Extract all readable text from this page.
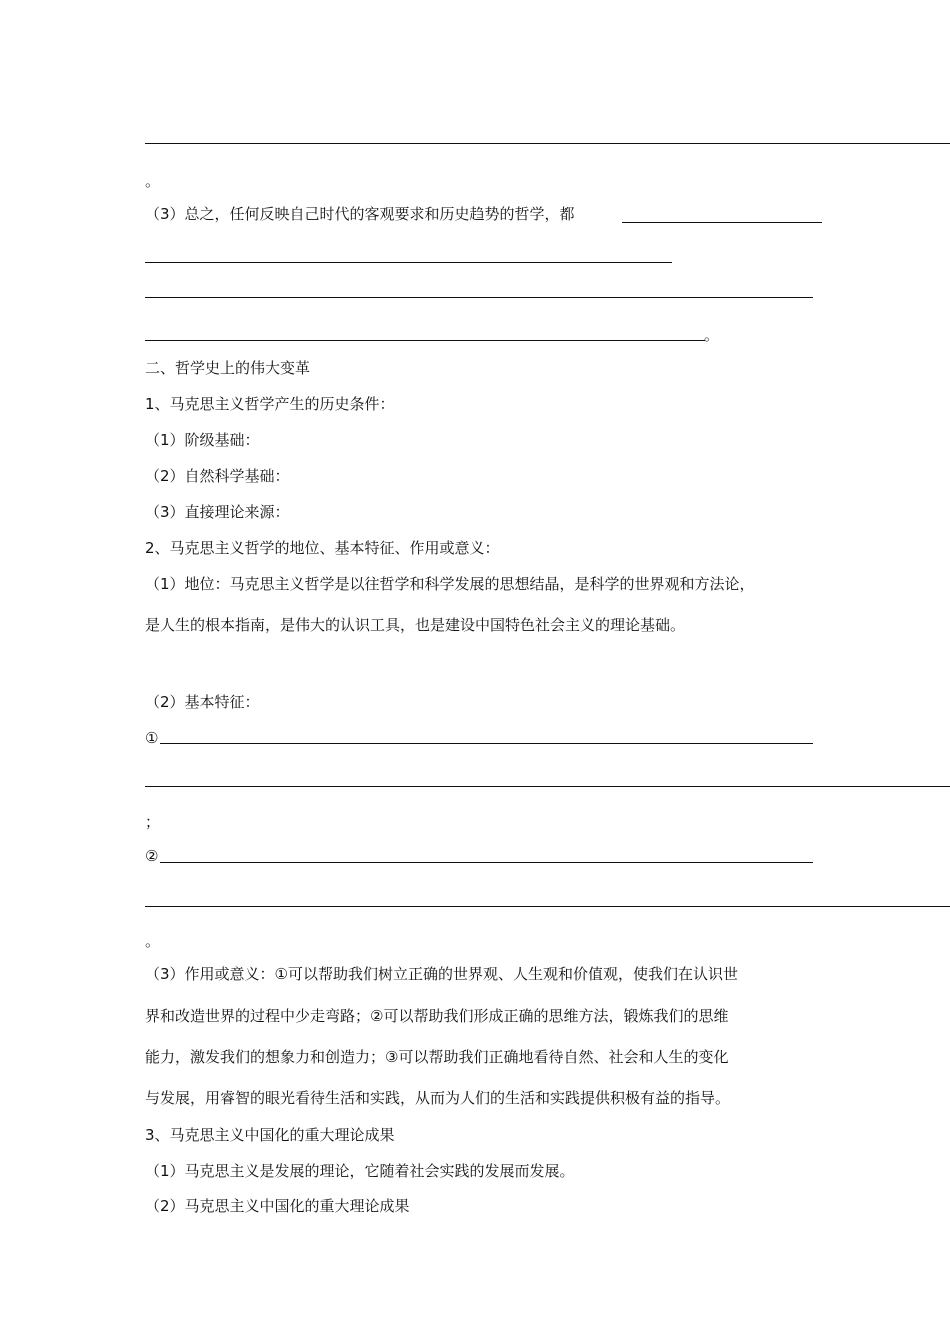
。
（3）总之，任何反映自己时代的客观要求和历史趋势的哲学，都
。
二、哲学史上的伟大变革
1、马克思主义哲学产生的历史条件：
（1）阶级基础：
（2）自然科学基础：
（3）直接理论来源：
2、马克思主义哲学的地位、基本特征、作用或意义：
（1）地位：马克思主义哲学是以往哲学和科学发展的思想结晶，是科学的世界观和方法论，
是人生的根本指南，是伟大的认识工具，也是建设中国特色社会主义的理论基础。
（2）基本特征：
①
；
②
。
（3）作用或意义：①可以帮助我们树立正确的世界观、人生观和价值观，使我们在认识世
界和改造世界的过程中少走弯路；②可以帮助我们形成正确的思维方法，锻炼我们的思维
能力，激发我们的想象力和创造力；③可以帮助我们正确地看待自然、社会和人生的变化
与发展，用睿智的眼光看待生活和实践，从而为人们的生活和实践提供积极有益的指导。
3、马克思主义中国化的重大理论成果
（1）马克思主义是发展的理论，它随着社会实践的发展而发展。
（2）马克思主义中国化的重大理论成果
